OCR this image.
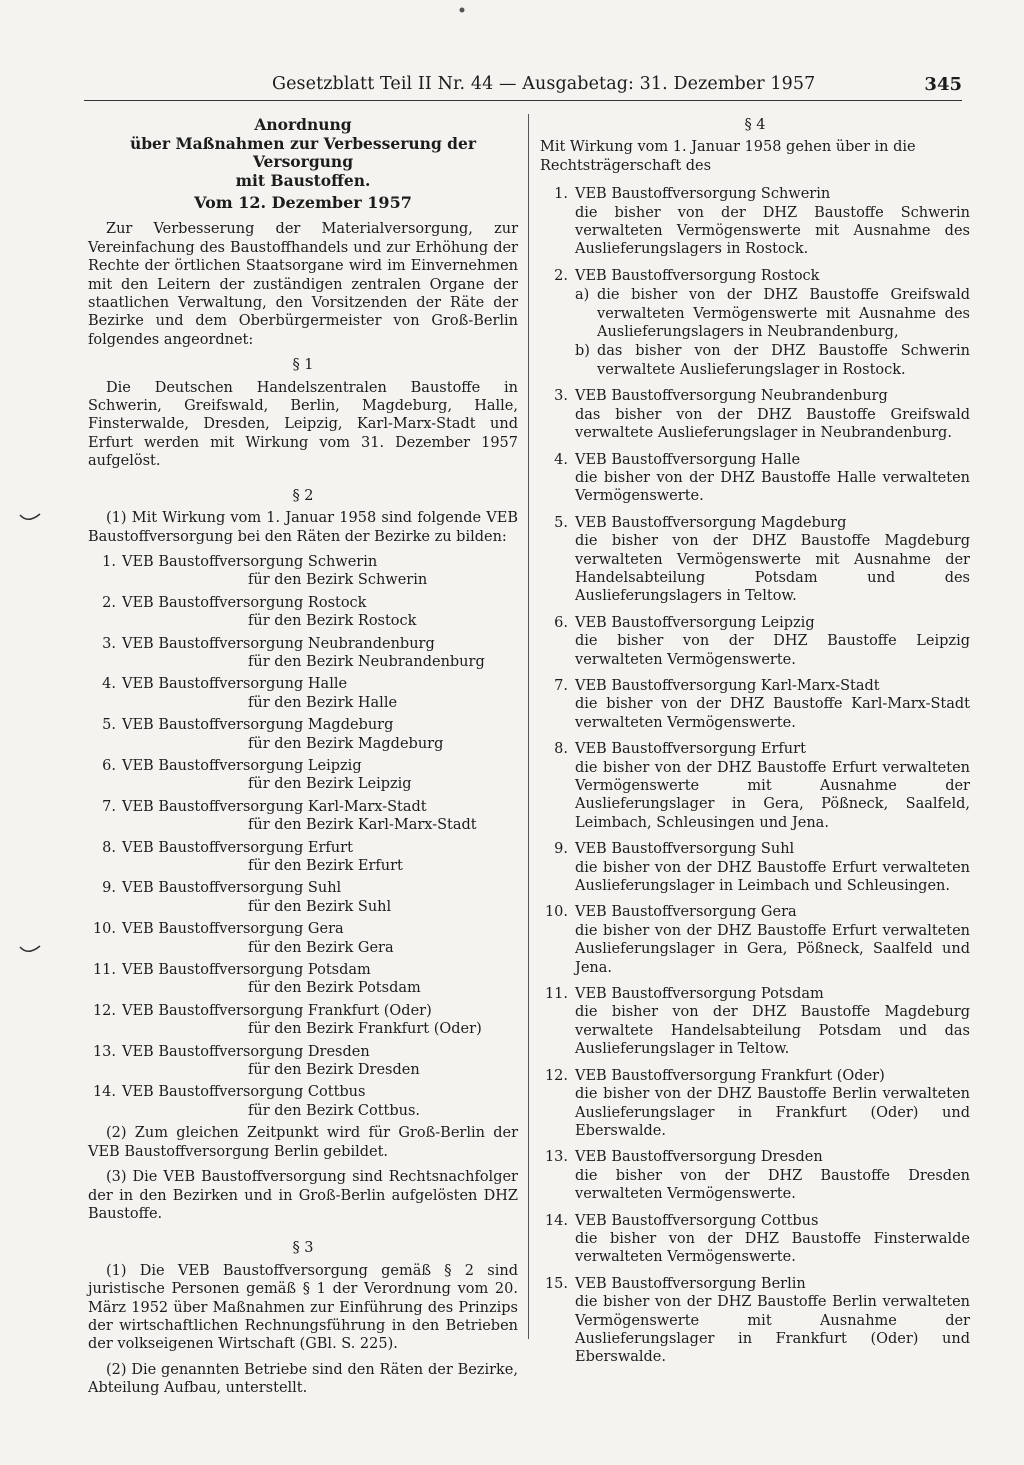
Gesetzblatt Teil II Nr. 44 — Ausgabetag: 31. Dezember 1957	345
Anordnung
über Maßnahmen zur Verbesserung der Versorgung
mit Baustoffen.
Vom 12. Dezember 1957
Zur Verbesserung der Materialversorgung, zur Vereinfachung des Baustoffhandels und zur Erhöhung der Rechte der örtlichen Staatsorgane wird im Einvernehmen mit den Leitern der zuständigen zentralen Organe der staatlichen Verwaltung, den Vorsitzenden der Räte der Bezirke und dem Oberbürgermeister von Groß-Berlin folgendes angeordnet:
§ 1
Die Deutschen Handelszentralen Baustoffe in Schwerin, Greifswald, Berlin, Magdeburg, Halle, Finsterwalde, Dresden, Leipzig, Karl-Marx-Stadt und Erfurt werden mit Wirkung vom 31. Dezember 1957 aufgelöst.
§ 2
(1) Mit Wirkung vom 1. Januar 1958 sind folgende VEB Baustoffversorgung bei den Räten der Bezirke zu bilden:
1. VEB Baustoffversorgung Schwerin
für den Bezirk Schwerin
2. VEB Baustoffversorgung Rostock
für den Bezirk Rostock
3. VEB Baustoffversorgung Neubrandenburg
für den Bezirk Neubrandenburg
4. VEB Baustoffversorgung Halle
für den Bezirk Halle
5. VEB Baustoffversorgung Magdeburg
für den Bezirk Magdeburg
6. VEB Baustoffversorgung Leipzig
für den Bezirk Leipzig
7. VEB Baustoffversorgung Karl-Marx-Stadt
für den Bezirk Karl-Marx-Stadt
8. VEB Baustoffversorgung Erfurt
für den Bezirk Erfurt
9. VEB Baustoffversorgung Suhl
für den Bezirk Suhl
10. VEB Baustoffversorgung Gera
für den Bezirk Gera
11. VEB Baustoffversorgung Potsdam
für den Bezirk Potsdam
12. VEB Baustoffversorgung Frankfurt (Oder)
für den Bezirk Frankfurt (Oder)
13. VEB Baustoffversorgung Dresden
für den Bezirk Dresden
14. VEB Baustoffversorgung Cottbus
für den Bezirk Cottbus.
(2) Zum gleichen Zeitpunkt wird für Groß-Berlin der VEB Baustoffversorgung Berlin gebildet.
(3) Die VEB Baustoffversorgung sind Rechtsnachfolger der in den Bezirken und in Groß-Berlin aufgelösten DHZ Baustoffe.
§ 3
(1) Die VEB Baustoffversorgung gemäß § 2 sind juristische Personen gemäß § 1 der Verordnung vom 20. März 1952 über Maßnahmen zur Einführung des Prinzips der wirtschaftlichen Rechnungsführung in den Betrieben der volkseigenen Wirtschaft (GBl. S. 225).
(2) Die genannten Betriebe sind den Räten der Bezirke, Abteilung Aufbau, unterstellt.
§ 4
Mit Wirkung vom 1. Januar 1958 gehen über in die Rechtsträgerschaft des
1. VEB Baustoffversorgung Schwerin
die bisher von der DHZ Baustoffe Schwerin verwalteten Vermögenswerte mit Ausnahme des Auslieferungslagers in Rostock.
2. VEB Baustoffversorgung Rostock
a) die bisher von der DHZ Baustoffe Greifswald verwalteten Vermögenswerte mit Ausnahme des Auslieferungslagers in Neubrandenburg,
b) das bisher von der DHZ Baustoffe Schwerin verwaltete Auslieferungslager in Rostock.
3. VEB Baustoffversorgung Neubrandenburg
das bisher von der DHZ Baustoffe Greifswald verwaltete Auslieferungslager in Neubrandenburg.
4. VEB Baustoffversorgung Halle
die bisher von der DHZ Baustoffe Halle verwalteten Vermögenswerte.
5. VEB Baustoffversorgung Magdeburg
die bisher von der DHZ Baustoffe Magdeburg verwalteten Vermögenswerte mit Ausnahme der Handelsabteilung Potsdam und des Auslieferungslagers in Teltow.
6. VEB Baustoffversorgung Leipzig
die bisher von der DHZ Baustoffe Leipzig verwalteten Vermögenswerte.
7. VEB Baustoffversorgung Karl-Marx-Stadt
die bisher von der DHZ Baustoffe Karl-Marx-Stadt verwalteten Vermögenswerte.
8. VEB Baustoffversorgung Erfurt
die bisher von der DHZ Baustoffe Erfurt verwalteten Vermögenswerte mit Ausnahme der Auslieferungslager in Gera, Pößneck, Saalfeld, Leimbach, Schleusingen und Jena.
9. VEB Baustoffversorgung Suhl
die bisher von der DHZ Baustoffe Erfurt verwalteten Auslieferungslager in Leimbach und Schleusingen.
10. VEB Baustoffversorgung Gera
die bisher von der DHZ Baustoffe Erfurt verwalteten Auslieferungslager in Gera, Pößneck, Saalfeld und Jena.
11. VEB Baustoffversorgung Potsdam
die bisher von der DHZ Baustoffe Magdeburg verwaltete Handelsabteilung Potsdam und das Auslieferungslager in Teltow.
12. VEB Baustoffversorgung Frankfurt (Oder)
die bisher von der DHZ Baustoffe Berlin verwalteten Auslieferungslager in Frankfurt (Oder) und Eberswalde.
13. VEB Baustoffversorgung Dresden
die bisher von der DHZ Baustoffe Dresden verwalteten Vermögenswerte.
14. VEB Baustoffversorgung Cottbus
die bisher von der DHZ Baustoffe Finsterwalde verwalteten Vermögenswerte.
15. VEB Baustoffversorgung Berlin
die bisher von der DHZ Baustoffe Berlin verwalteten Vermögenswerte mit Ausnahme der Auslieferungslager in Frankfurt (Oder) und Eberswalde.
